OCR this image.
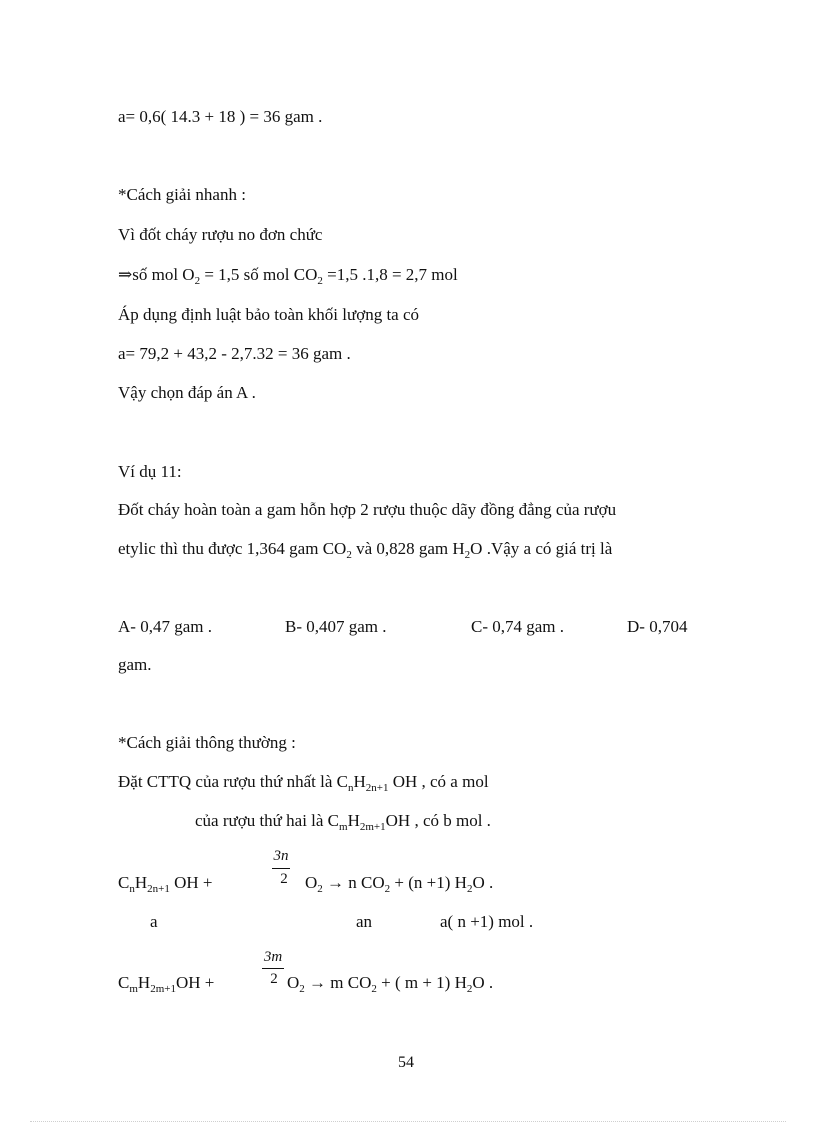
a= 0,6( 14.3 + 18 ) = 36 gam .
*Cách giải nhanh :
Vì đốt cháy rượu no đơn chức
⇒số mol $O_2 = 1,5$ số mol $CO_2 =1,5$ .1,8 = 2,7 mol
Áp dụng định luật bảo toàn khối lượng ta có
a= 79,2 + 43,2 - 2,7.32 = 36 gam .
Vậy chọn đáp án A .
Ví dụ 11:
Đốt cháy hoàn toàn a gam hỗn hợp 2 rượu thuộc dãy đồng đẳng của rượu
etylic thì thu được 1,364 gam $CO_2$ và 0,828 gam $H_2O$ .Vậy a có giá trị là
A- 0,47 gam .	B- 0,407 gam .	C- 0,74 gam .	D- 0,704
gam.
*Cách giải thông thường :
Đặt CTTQ của rượu thứ nhất là $C_nH_{2n+1}$ OH , có a mol
của rượu thứ hai là $C_mH_{2m+1}OH$ , có b mol .
$C_nH_{2n+1}$ OH +
3n
2	$O_2 \to n$ $CO_2 + (n +1)$ $H_2O$ .
a	an	a( n +1) mol .
$C_mH_{2m+1}OH$ +
3m
2 $O_2 \to m$ $CO_2$ + ( m + 1) $H_2O$ .
54
